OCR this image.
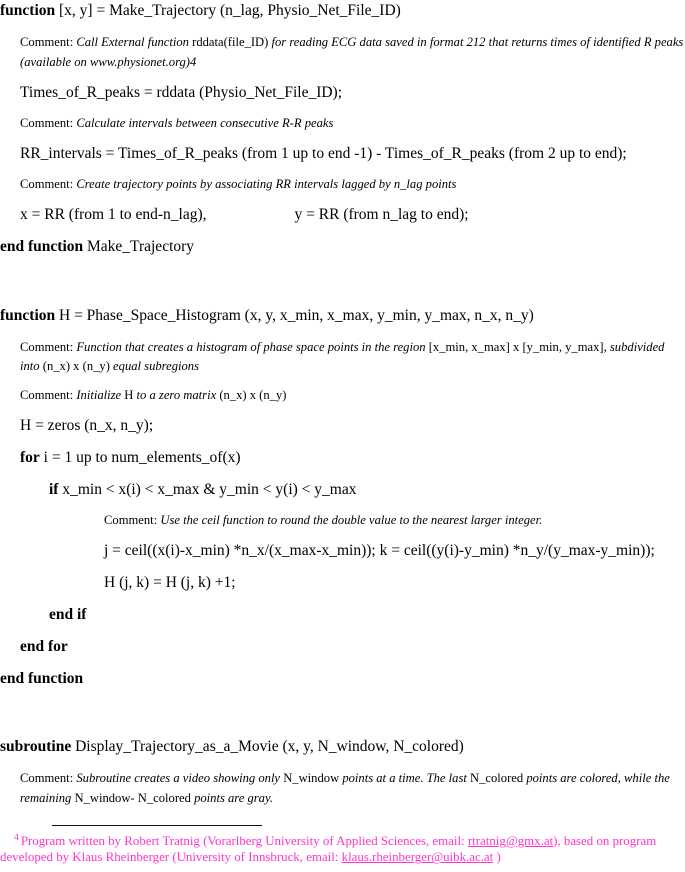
function [x, y] = Make_Trajectory (n_lag, Physio_Net_File_ID)
Comment: Call External function rddata(file_ID) for reading ECG data saved in format 212 that returns times of identified R peaks (available on www.physionet.org)4
Times_of_R_peaks = rddata (Physio_Net_File_ID);
Comment: Calculate intervals between consecutive R-R peaks
RR_intervals = Times_of_R_peaks (from 1 up to end -1) - Times_of_R_peaks (from 2 up to end);
Comment: Create trajectory points by associating RR intervals lagged by n_lag points
x = RR (from 1 to end-n_lag),	y = RR (from n_lag to end);
end function Make_Trajectory
function H = Phase_Space_Histogram (x, y, x_min, x_max, y_min, y_max, n_x, n_y)
Comment: Function that creates a histogram of phase space points in the region [x_min, x_max] x [y_min, y_max], subdivided into (n_x) x (n_y) equal subregions
Comment: Initialize H to a zero matrix (n_x) x (n_y)
H = zeros (n_x, n_y);
for i = 1 up to num_elements_of(x)
if x_min < x(i) < x_max & y_min < y(i) < y_max
Comment: Use the ceil function to round the double value to the nearest larger integer.
j = ceil((x(i)-x_min) *n_x/(x_max-x_min)); k = ceil((y(i)-y_min) *n_y/(y_max-y_min));
H (j, k) = H (j, k) +1;
end if
end for
end function
subroutine Display_Trajectory_as_a_Movie (x, y, N_window, N_colored)
Comment: Subroutine creates a video showing only N_window points at a time. The last N_colored points are colored, while the remaining N_window- N_colored points are gray.
$^4$ Program written by Robert Tratnig (Vorarlberg University of Applied Sciences, email: rtratnig@gmx.at), based on program developed by Klaus Rheinberger (University of Innsbruck, email: klaus.rheinberger@uibk.ac.at )
